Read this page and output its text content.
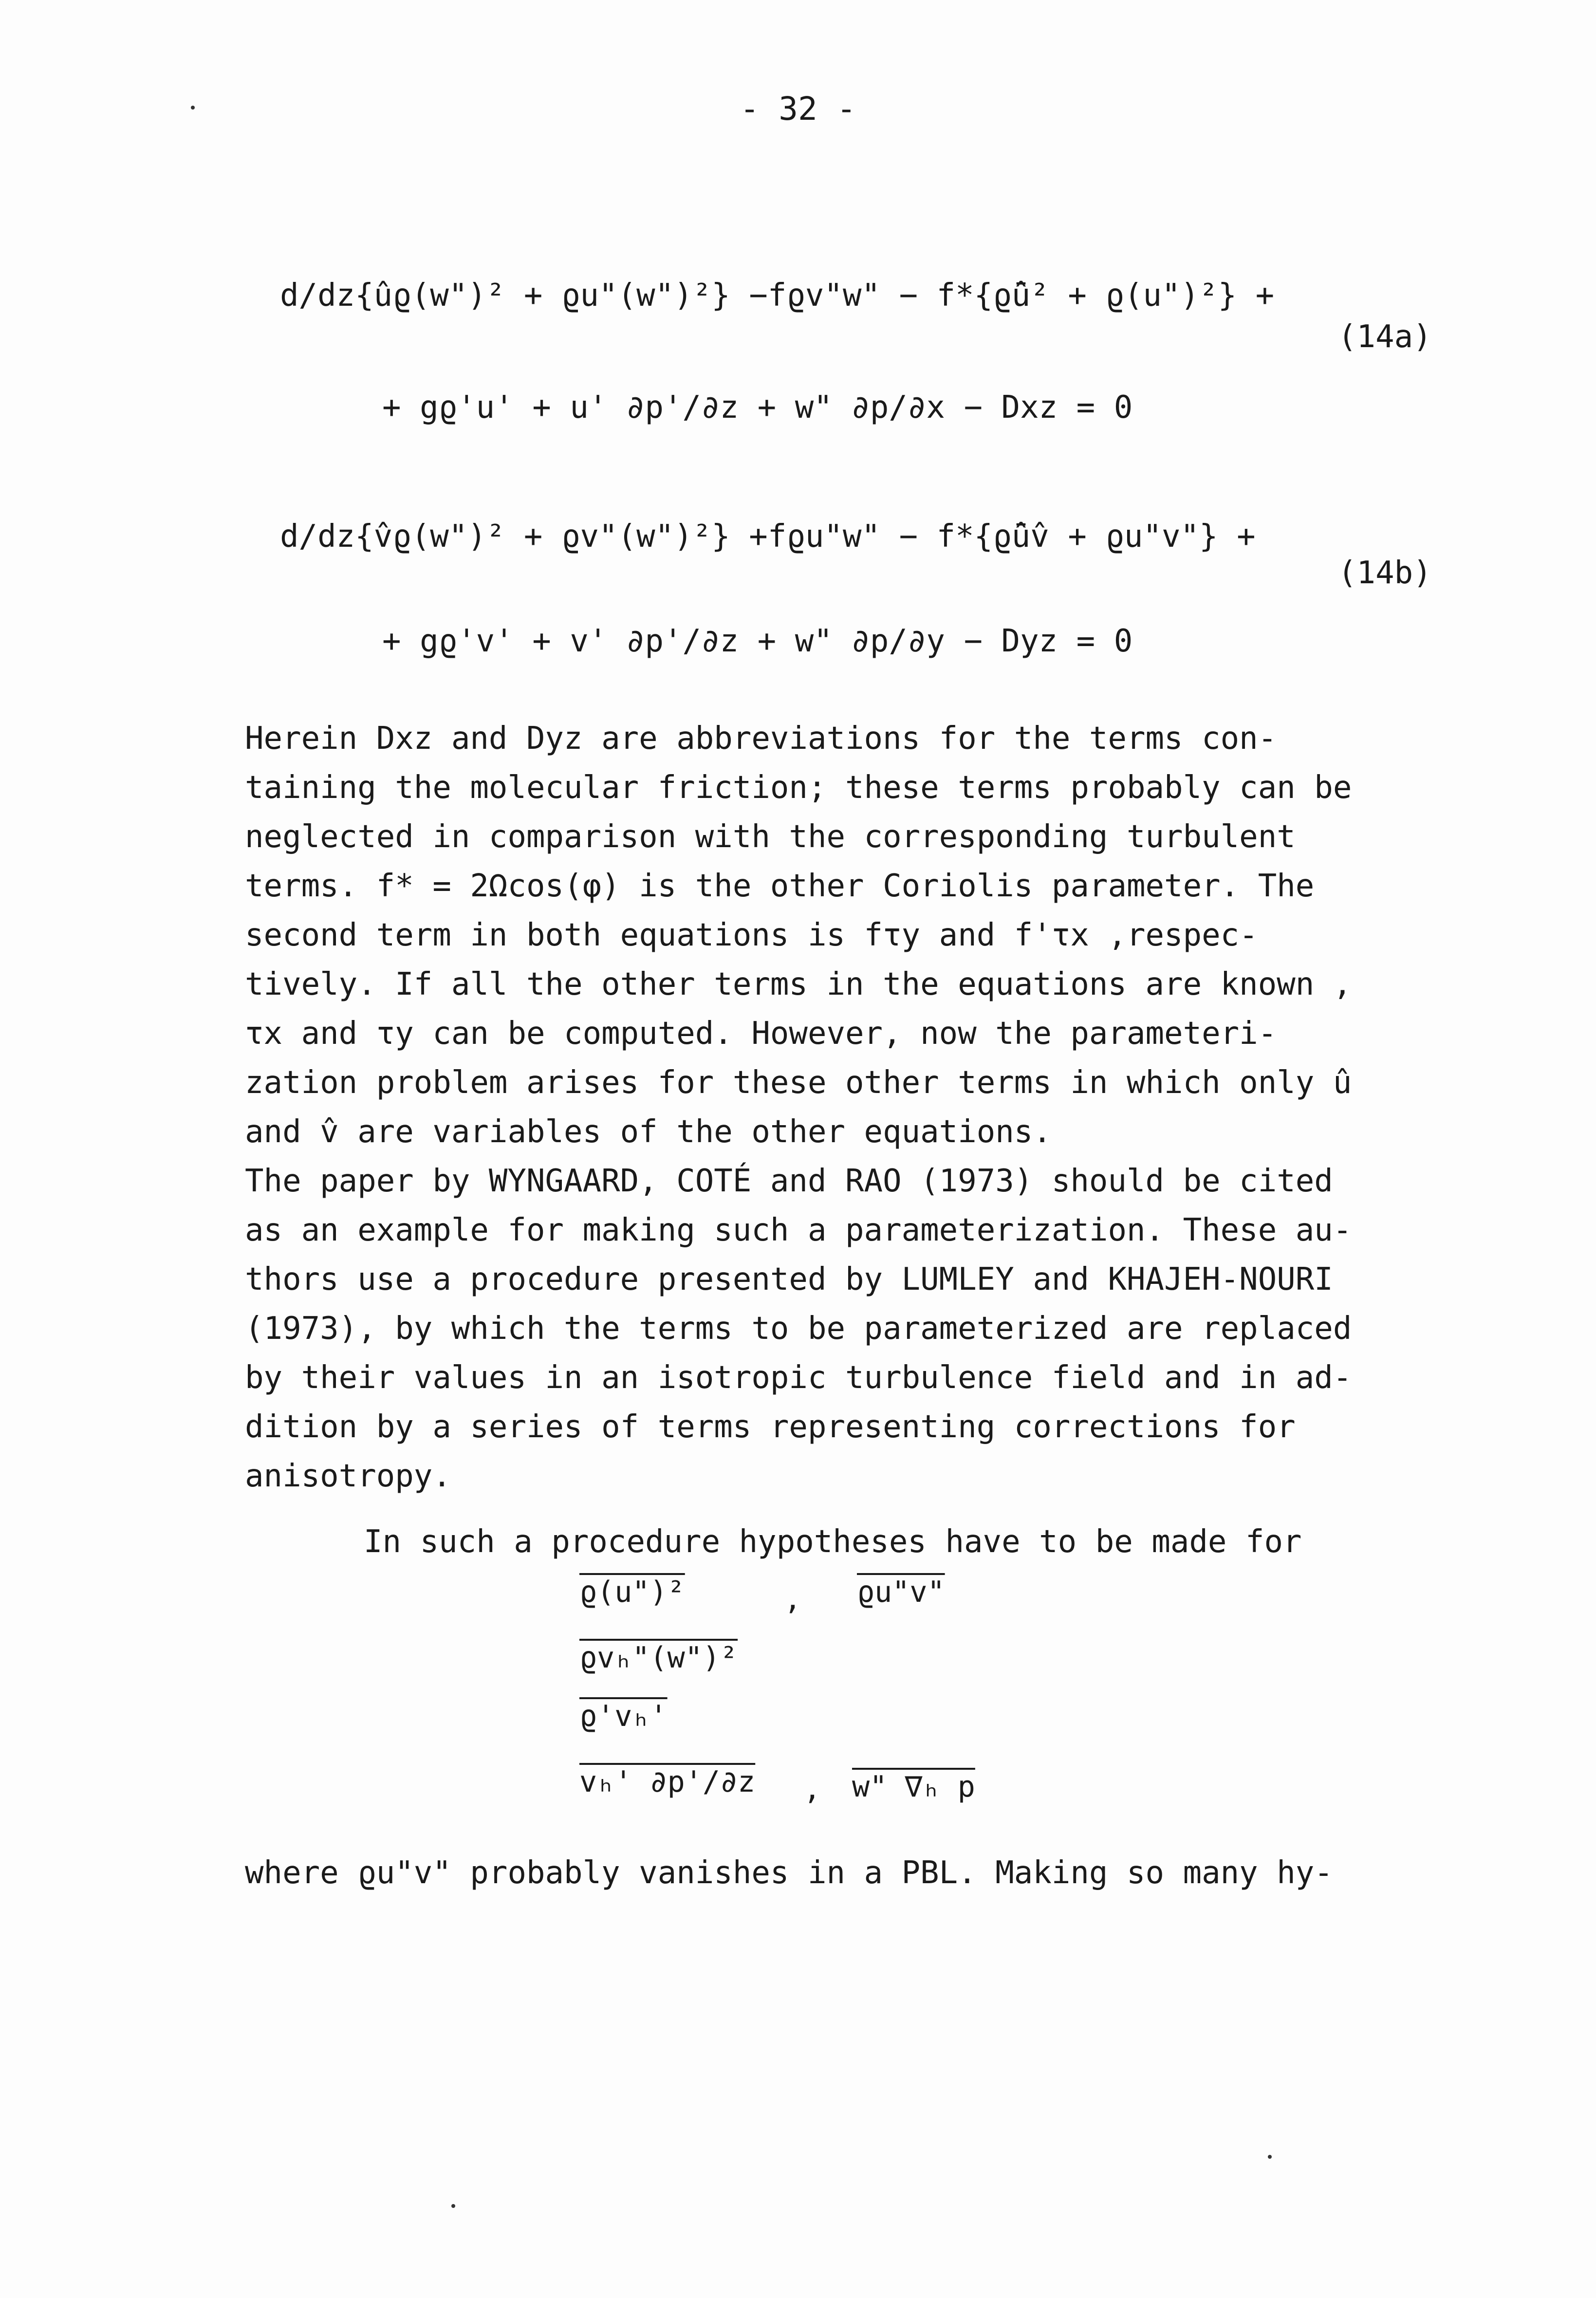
- 32 -
d/dz{ûϱ(w")² + ϱu"(w")²} −fϱv"w" − f*{ϱ̄û² + ϱ(u")²} +
(14a)
+ gϱ'u' + u' ∂p'/∂z + w" ∂p/∂x − Dxz = 0
d/dz{v̂ϱ(w")² + ϱv"(w")²} +fϱu"w" − f*{ϱ̄ûv̂ + ϱu"v"} +
(14b)
+ gϱ'v' + v' ∂p'/∂z + w" ∂p/∂y − Dyz = 0
Herein Dxz and Dyz are abbreviations for the terms con-
taining the molecular friction; these terms probably can be
neglected in comparison with the corresponding turbulent
terms. f* = 2Ωcos(φ) is the other Coriolis parameter. The
second term in both equations is fτy and f'τx ,respec-
tively. If all the other terms in the equations are known ,
τx and τy can be computed. However, now the parameteri-
zation problem arises for these other terms in which only û
and v̂ are variables of the other equations.
The paper by WYNGAARD, COTÉ and RAO (1973) should be cited
as an example for making such a parameterization. These au-
thors use a procedure presented by LUMLEY and KHAJEH-NOURI
(1973), by which the terms to be parameterized are replaced
by their values in an isotropic turbulence field and in ad-
dition by a series of terms representing corrections for
anisotropy.
In such a procedure hypotheses have to be made for
ϱ(u")²	, ϱu"v"
ϱvₕ"(w")²
ϱ'vₕ'
vₕ' ∂p'/∂z , w" ∇ₕ p
where ϱu"v" probably vanishes in a PBL. Making so many hy-
